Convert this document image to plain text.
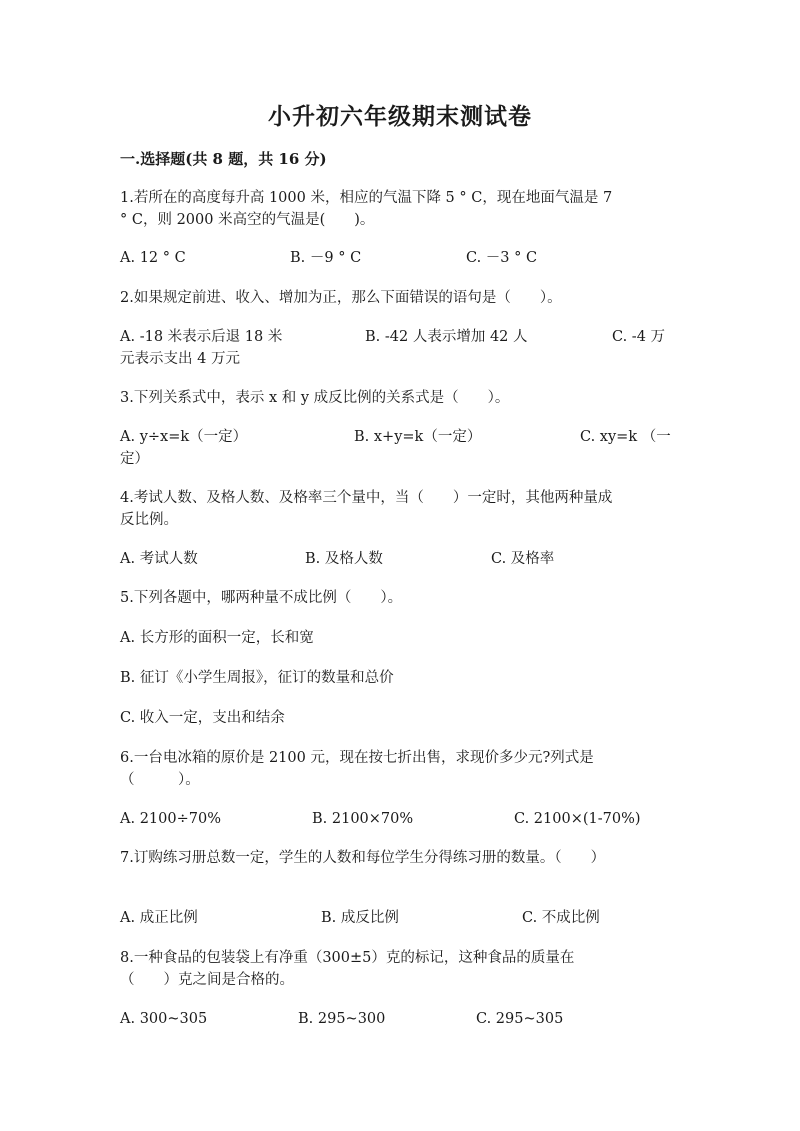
小升初六年级期末测试卷
一.选择题(共 8 题，共 16 分)
1.若所在的高度每升高 1000 米，相应的气温下降 5 ° C，现在地面气温是 7
° C，则 2000 米高空的气温是(　　)。
A. 12 ° C	B. －9 ° C	C. －3 ° C
2.如果规定前进、收入、增加为正，那么下面错误的语句是（　　）。
A. -18 米表示后退 18 米	B. -42 人表示增加 42 人	C. -4 万
元表示支出 4 万元
3.下列关系式中，表示 x 和 y 成反比例的关系式是（　　）。
A. y÷x=k（一定）	B. x+y=k（一定）	C. xy=k （一
定）
4.考试人数、及格人数、及格率三个量中，当（　　）一定时，其他两种量成
反比例。
A. 考试人数	B. 及格人数	C. 及格率
5.下列各题中，哪两种量不成比例（　　）。
A. 长方形的面积一定，长和宽
B. 征订《小学生周报》，征订的数量和总价
C. 收入一定，支出和结余
6.一台电冰箱的原价是 2100 元，现在按七折出售，求现价多少元?列式是
（　　　）。
A. 2100÷70%	B. 2100×70%	C. 2100×(1-70%)
7.订购练习册总数一定，学生的人数和每位学生分得练习册的数量。（　　）
A. 成正比例	B. 成反比例	C. 不成比例
8.一种食品的包装袋上有净重（300±5）克的标记，这种食品的质量在
（　　）克之间是合格的。
A. 300~305	B. 295~300	C. 295~305
